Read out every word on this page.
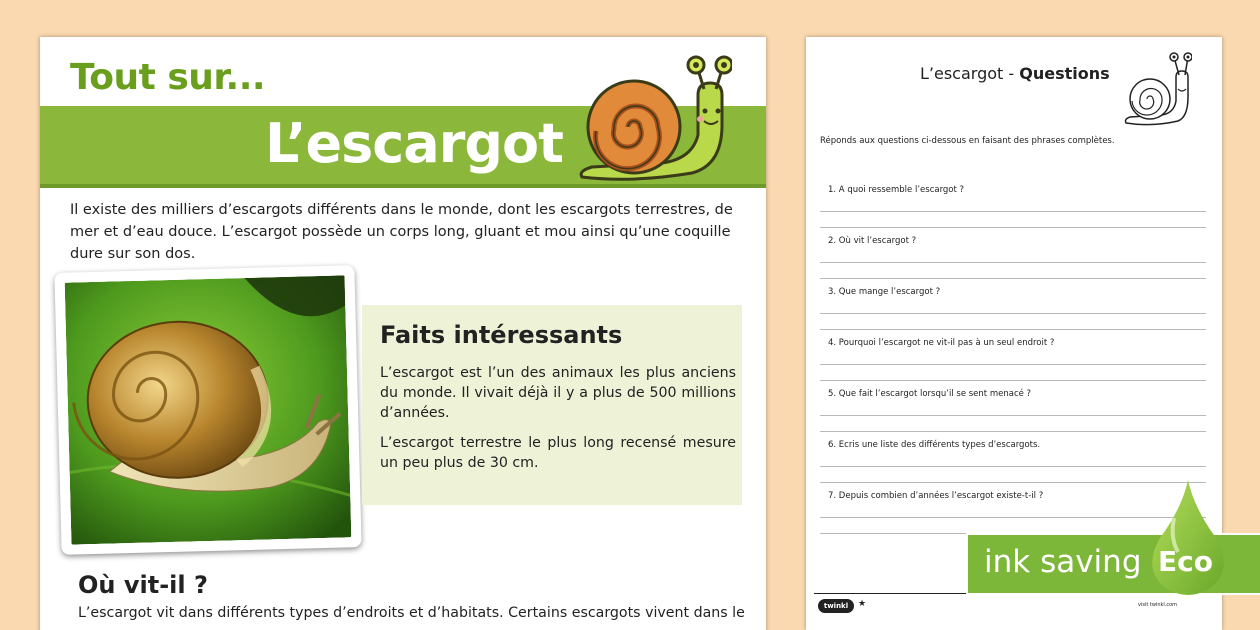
Tout sur...
L’escargot
Il existe des milliers d’escargots différents dans le monde, dont les escargots terrestres, de mer et d’eau douce. L’escargot possède un corps long, gluant et mou ainsi qu’une coquille dure sur son dos.
Faits intéressants
L’escargot est l’un des animaux les plus anciens du monde. Il vivait déjà il y a plus de 500 millions d’années.
L’escargot terrestre le plus long recensé mesure un peu plus de 30 cm.
Où vit-il ?
L’escargot vit dans différents types d’endroits et d’habitats. Certains escargots vivent dans le
L’escargot - Questions
Réponds aux questions ci-dessous en faisant des phrases complètes.
1. A quoi ressemble l’escargot ?
2. Où vit l’escargot ?
3. Que mange l’escargot ?
4. Pourquoi l’escargot ne vit-il pas à un seul endroit ?
5. Que fait l’escargot lorsqu’il se sent menacé ?
6. Ecris une liste des différents types d’escargots.
7. Depuis combien d’années l’escargot existe-t-il ?
twinkl	★	visit twinkl.com
ink saving Eco
